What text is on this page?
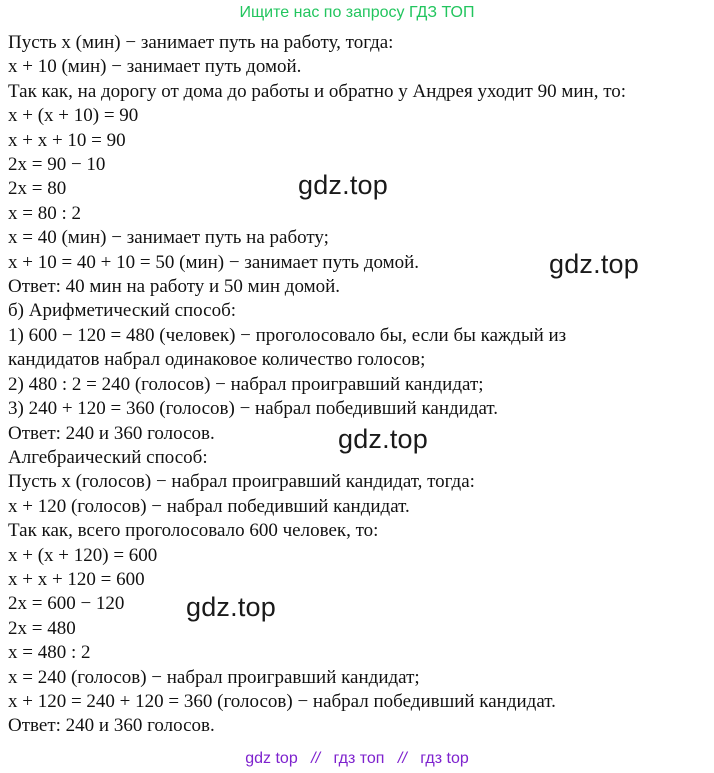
Ищите нас по запросу ГДЗ ТОП
Пусть x (мин) − занимает путь на работу, тогда:
x + 10 (мин) − занимает путь домой.
Так как, на дорогу от дома до работы и обратно у Андрея уходит 90 мин, то:
x + (x + 10) = 90
x + x + 10 = 90
2x = 90 − 10
2x = 80
x = 80 : 2
x = 40 (мин) − занимает путь на работу;
x + 10 = 40 + 10 = 50 (мин) − занимает путь домой.
Ответ: 40 мин на работу и 50 мин домой.
б) Арифметический способ:
1) 600 − 120 = 480 (человек) − проголосовало бы, если бы каждый из
кандидатов набрал одинаковое количество голосов;
2) 480 : 2 = 240 (голосов) − набрал проигравший кандидат;
3) 240 + 120 = 360 (голосов) − набрал победивший кандидат.
Ответ: 240 и 360 голосов.
Алгебраический способ:
Пусть x (голосов) − набрал проигравший кандидат, тогда:
x + 120 (голосов) − набрал победивший кандидат.
Так как, всего проголосовало 600 человек, то:
x + (x + 120) = 600
x + x + 120 = 600
2x = 600 − 120
2x = 480
x = 480 : 2
x = 240 (голосов) − набрал проигравший кандидат;
x + 120 = 240 + 120 = 360 (голосов) − набрал победивший кандидат.
Ответ: 240 и 360 голосов.
gdz.top
gdz.top
gdz.top
gdz.top
gdz top // гдз топ // гдз top
